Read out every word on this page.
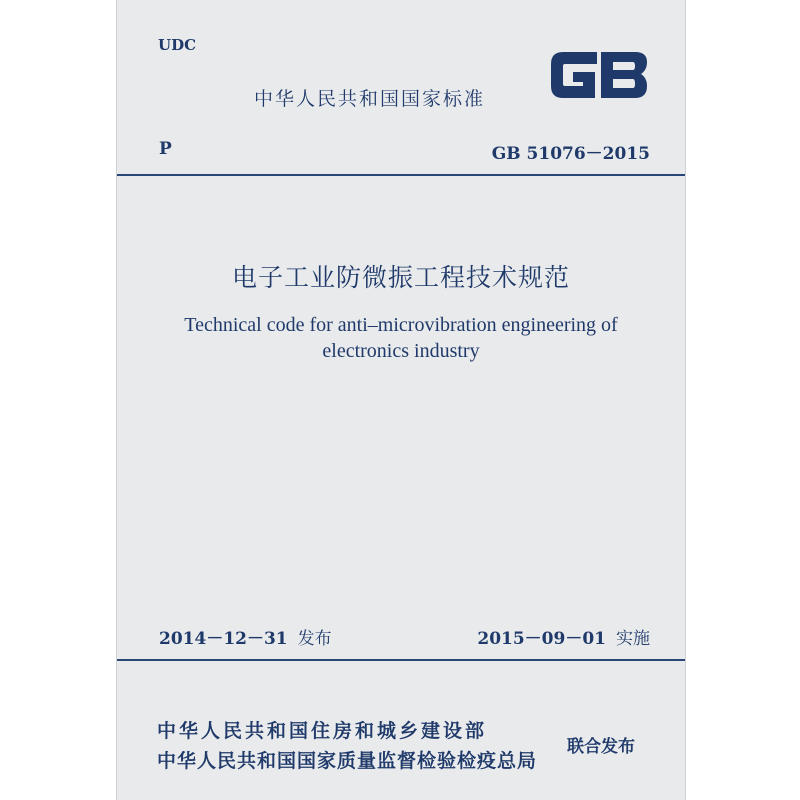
UDC
中华人民共和国国家标准
P	GB 51076－2015
电子工业防微振工程技术规范
Technical code for anti–microvibration engineering of
electronics industry
2014－12－31 发布	2015－09－01 实施
中华人民共和国住房和城乡建设部
中华人民共和国国家质量监督检验检疫总局
联合发布
